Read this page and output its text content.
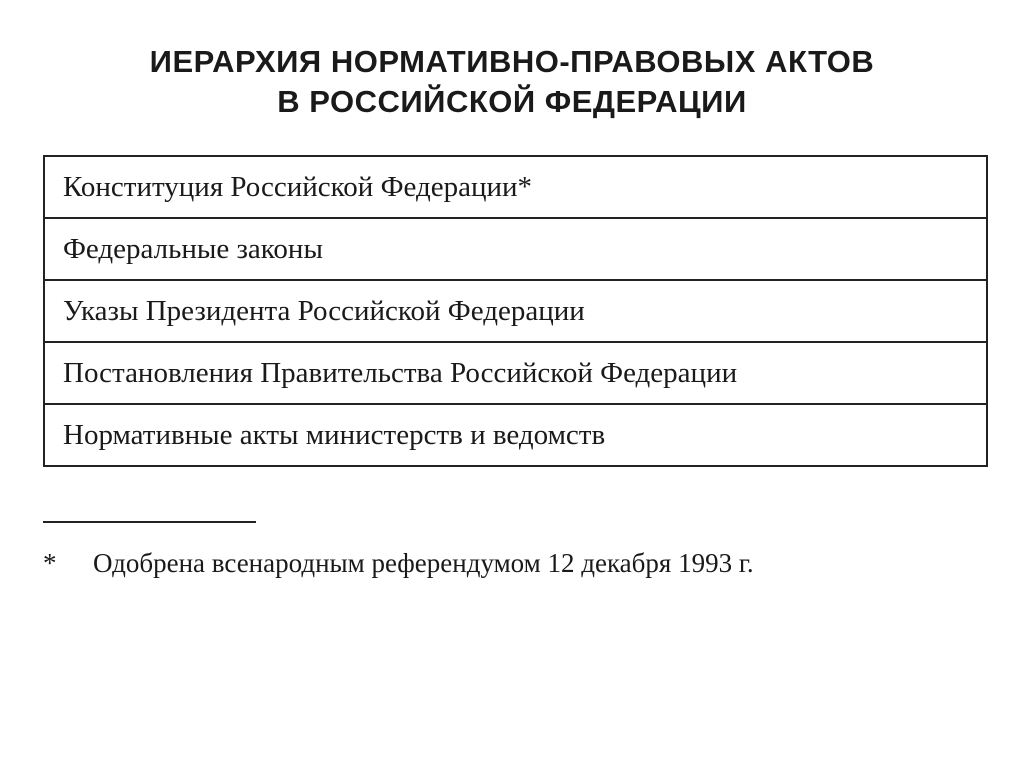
ИЕРАРХИЯ НОРМАТИВНО-ПРАВОВЫХ АКТОВ
В РОССИЙСКОЙ ФЕДЕРАЦИИ
Конституция Российской Федерации*
Федеральные законы
Указы Президента Российской Федерации
Постановления Правительства Российской Федерации
Нормативные акты министерств и ведомств
* Одобрена всенародным референдумом 12 декабря 1993 г.
